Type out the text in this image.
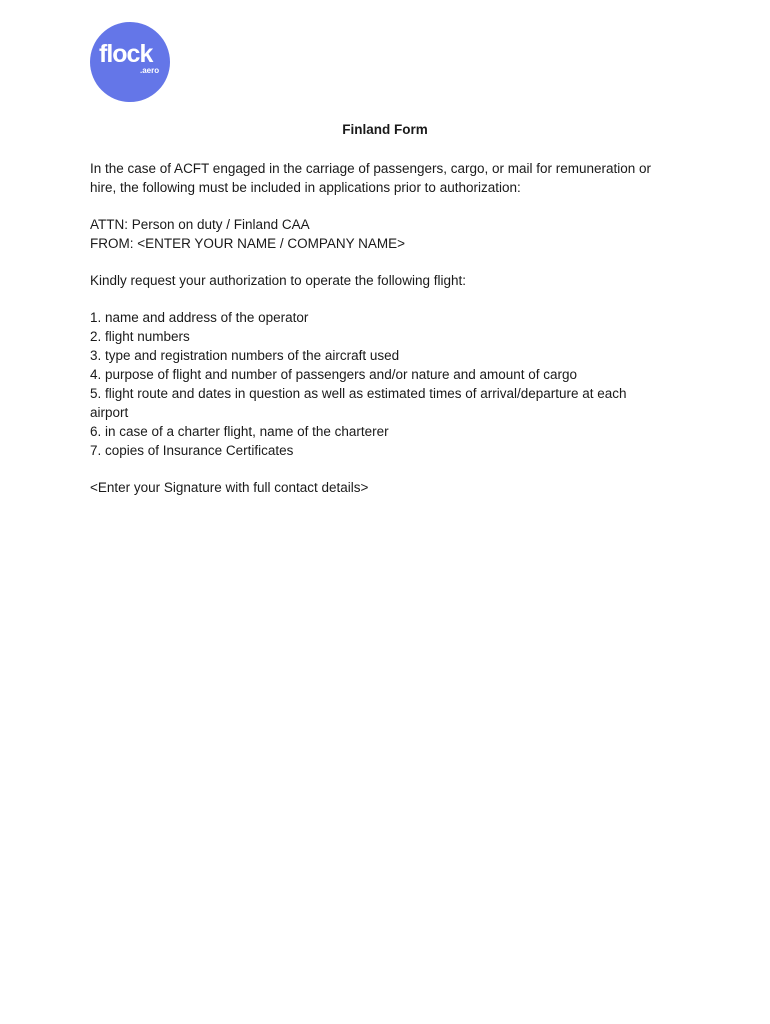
flock
.aero
Finland Form

In the case of ACFT engaged in the carriage of passengers, cargo, or mail for remuneration or

hire, the following must be included in applications prior to authorization:

ATTN: Person on duty / Finland CAA

FROM: <ENTER YOUR NAME / COMPANY NAME>

Kindly request your authorization to operate the following flight:

1. name and address of the operator

2. flight numbers

3. type and registration numbers of the aircraft used

4. purpose of flight and number of passengers and/or nature and amount of cargo

5. flight route and dates in question as well as estimated times of arrival/departure at each

airport

6. in case of a charter flight, name of the charterer

7. copies of Insurance Certificates

<Enter your Signature with full contact details>
